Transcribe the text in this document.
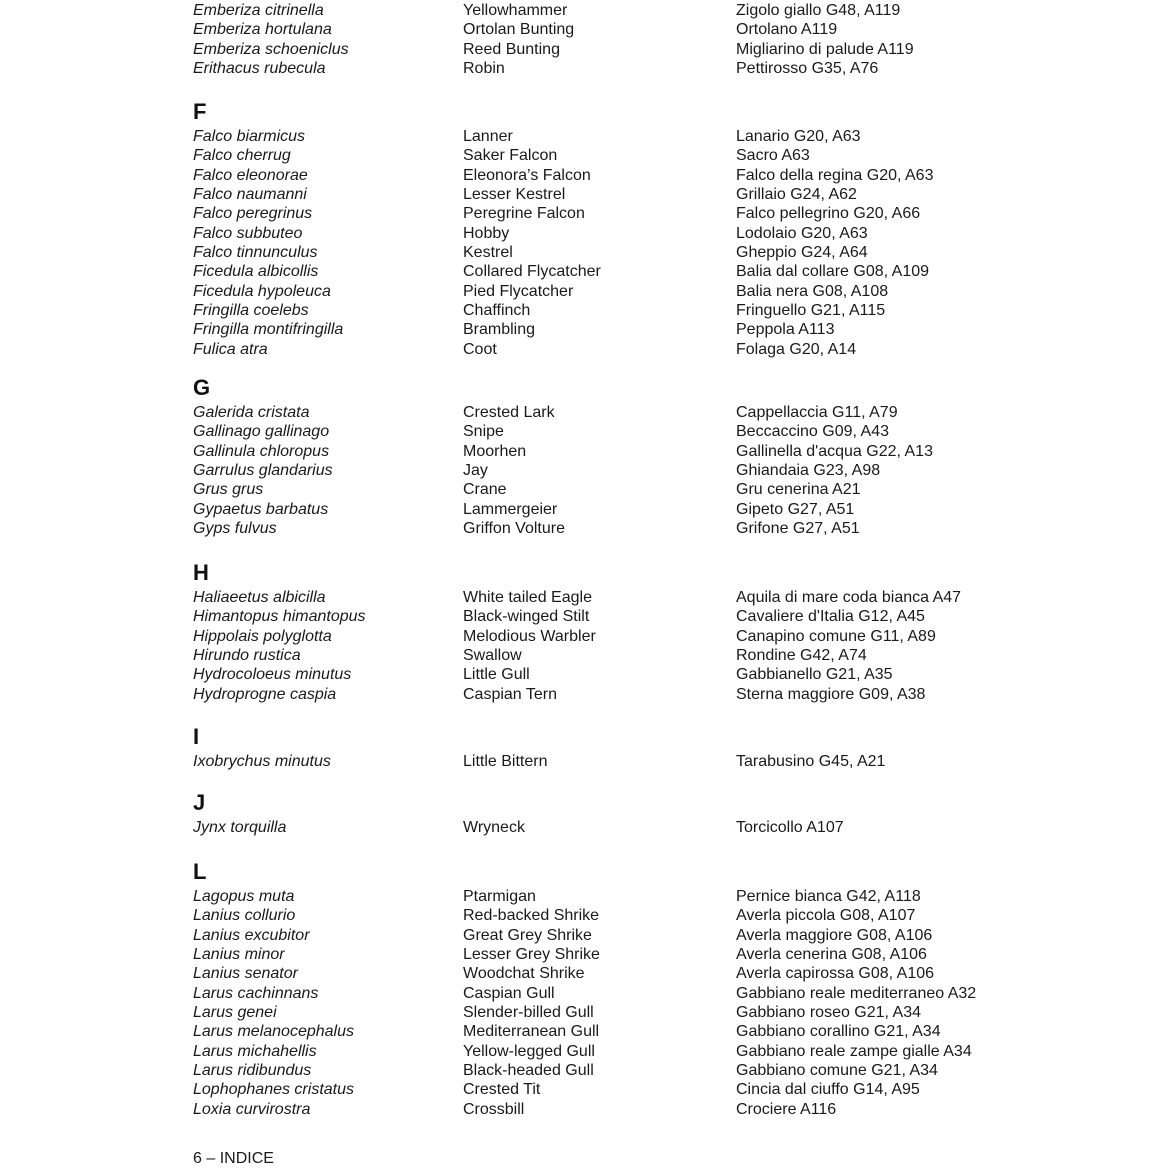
Emberiza citrinella	Yellowhammer	Zigolo giallo G48, A119
Emberiza hortulana	Ortolan Bunting	Ortolano A119
Emberiza schoeniclus	Reed Bunting	Migliarino di palude A119
Erithacus rubecula	Robin	Pettirosso G35, A76
F
Falco biarmicus	Lanner	Lanario G20, A63
Falco cherrug	Saker Falcon	Sacro A63
Falco eleonorae	Eleonora’s Falcon	Falco della regina G20, A63
Falco naumanni	Lesser Kestrel	Grillaio G24, A62
Falco peregrinus	Peregrine Falcon	Falco pellegrino G20, A66
Falco subbuteo	Hobby	Lodolaio G20, A63
Falco tinnunculus	Kestrel	Gheppio G24, A64
Ficedula albicollis	Collared Flycatcher	Balia dal collare G08, A109
Ficedula hypoleuca	Pied Flycatcher	Balia nera G08, A108
Fringilla coelebs	Chaffinch	Fringuello G21, A115
Fringilla montifringilla	Brambling	Peppola A113
Fulica atra	Coot	Folaga G20, A14
G
Galerida cristata	Crested Lark	Cappellaccia G11, A79
Gallinago gallinago	Snipe	Beccaccino G09, A43
Gallinula chloropus	Moorhen	Gallinella d'acqua G22, A13
Garrulus glandarius	Jay	Ghiandaia G23, A98
Grus grus	Crane	Gru cenerina A21
Gypaetus barbatus	Lammergeier	Gipeto G27, A51
Gyps fulvus	Griffon Volture	Grifone G27, A51
H
Haliaeetus albicilla	White tailed Eagle	Aquila di mare coda bianca A47
Himantopus himantopus	Black-winged Stilt	Cavaliere d'Italia G12, A45
Hippolais polyglotta	Melodious Warbler	Canapino comune G11, A89
Hirundo rustica	Swallow	Rondine G42, A74
Hydrocoloeus minutus	Little Gull	Gabbianello G21, A35
Hydroprogne caspia	Caspian Tern	Sterna maggiore G09, A38
I
Ixobrychus minutus	Little Bittern	Tarabusino G45, A21
J
Jynx torquilla	Wryneck	Torcicollo A107
L
Lagopus muta	Ptarmigan	Pernice bianca G42, A118
Lanius collurio	Red-backed Shrike	Averla piccola G08, A107
Lanius excubitor	Great Grey Shrike	Averla maggiore G08, A106
Lanius minor	Lesser Grey Shrike	Averla cenerina G08, A106
Lanius senator	Woodchat Shrike	Averla capirossa G08, A106
Larus cachinnans	Caspian Gull	Gabbiano reale mediterraneo A32
Larus genei	Slender-billed Gull	Gabbiano roseo G21, A34
Larus melanocephalus	Mediterranean Gull	Gabbiano corallino G21, A34
Larus michahellis	Yellow-legged Gull	Gabbiano reale zampe gialle A34
Larus ridibundus	Black-headed Gull	Gabbiano comune G21, A34
Lophophanes cristatus	Crested Tit	Cincia dal ciuffo G14, A95
Loxia curvirostra	Crossbill	Crociere A116
6 – INDICE
